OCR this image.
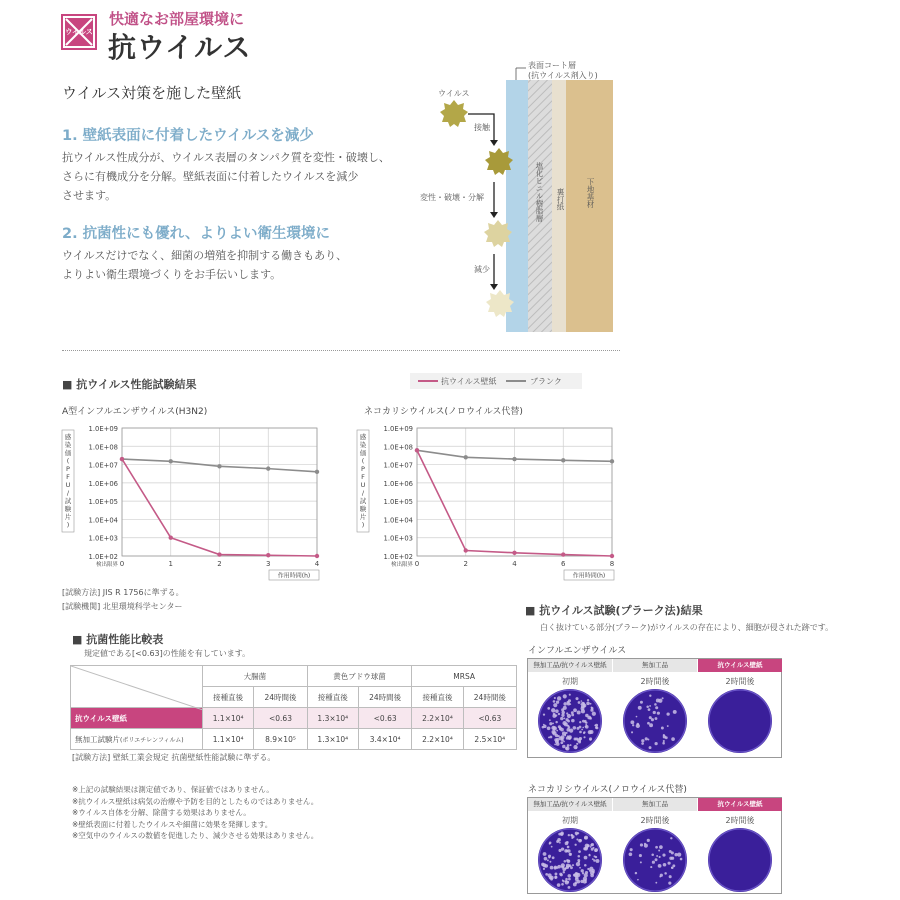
ウイルス
快適なお部屋環境に
抗ウイルス
ウイルス対策を施した壁紙
1. 壁紙表面に付着したウイルスを減少
抗ウイルス性成分が、ウイルス表層のタンパク質を変性・破壊し、
さらに有機成分を分解。壁紙表面に付着したウイルスを減少
させます。
2. 抗菌性にも優れ、よりよい衛生環境に
ウイルスだけでなく、細菌の増殖を抑制する働きもあり、
よりよい衛生環境づくりをお手伝いします。
表面コート層
(抗ウイルス剤入り)
ウイルス
接触
変性・破壊・分解
減少
塩化ビニル樹脂層 裏打紙	下地基材
■ 抗ウイルス性能試験結果	抗ウイルス壁紙	ブランク
A型インフルエンザウイルス(H3N2)	ネコカリシウイルス(ノロウイルス代替)
1.0E+09
1.0E+08
1.0E+07
1.0E+06
1.0E+05
1.0E+04
1.0E+03
1.0E+02
0	1	2	3	4
検出限界
作用時間(h)
感
染
価
(
P
F
U
/
試
験
片
)
1.0E+09
1.0E+08
1.0E+07
1.0E+06
1.0E+05
1.0E+04
1.0E+03
1.0E+02
0	2	4	6	8
検出限界
作用時間(h)
感
染
価
(
P
F
U
/
試
験
片
)
[試験方法] JIS R 1756に準ずる。
[試験機関] 北里環境科学センター
■ 抗菌性能比較表
規定値である[<0.63]の性能を有しています。
	大腸菌		黄色ブドウ球菌		MRSA	
	接種直後	24時間後	接種直後	24時間後	接種直後	24時間後
抗ウイルス壁紙	1.1×10⁴	<0.63	1.3×10⁴	<0.63	2.2×10⁴	<0.63
無加工試験片(ポリエチレンフィルム)	1.1×10⁴	8.9×10⁵	1.3×10⁴	3.4×10⁴	2.2×10⁴	2.5×10⁴
[試験方法] 壁紙工業会規定 抗菌壁紙性能試験に準ずる。
※上記の試験結果は測定値であり、保証値ではありません。
※抗ウイルス壁紙は病気の治療や予防を目的としたものではありません。
※ウイルス自体を分解、除菌する効果はありません。
※壁紙表面に付着したウイルスや細菌に効果を発揮します。
※空気中のウイルスの数値を促進したり、減少させる効果はありません。
■ 抗ウイルス試験(プラーク法)結果
白く抜けている部分(プラーク)がウイルスの存在により、細胞が侵された跡です。
インフルエンザウイルス
無加工品/抗ウイルス壁紙	無加工品	抗ウイルス壁紙
初期	2時間後	2時間後
ネコカリシウイルス(ノロウイルス代替)
無加工品/抗ウイルス壁紙	無加工品	抗ウイルス壁紙
初期	2時間後	2時間後
